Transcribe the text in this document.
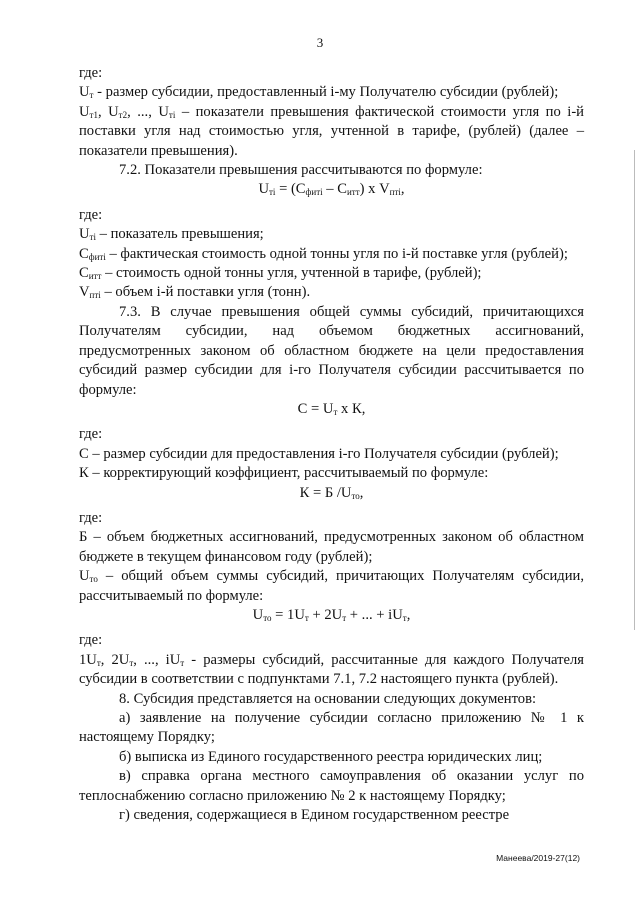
3

где:

$U_т$ - размер субсидии, предоставленный i-му Получателю субсидии (рублей);

$U_{т1}$, $U_{т2}$, ..., $U_{ті}$ – показатели превышения фактической стоимости угля по i-й поставки угля над стоимостью угля, учтенной в тарифе, (рублей) (далее – показатели превышения).

7.2. Показатели превышения рассчитываются по формуле:

$U_{ті} = (С_{фиті} - С_{итт})$ х $V_{пті}$,

где:

$U_{ті}$ – показатель превышения;

$С_{фиті}$ – фактическая стоимость одной тонны угля по i-й поставке угля (рублей);

$С_{итт}$ – стоимость одной тонны угля, учтенной в тарифе, (рублей);

$V_{пті}$ – объем i-й поставки угля (тонн).

7.3. В случае превышения общей суммы субсидий, причитающихся Получателям субсидии, над объемом бюджетных ассигнований, предусмотренных законом об областном бюджете на цели предоставления субсидий размер субсидии для i-го Получателя субсидии рассчитывается по формуле:

$С = U_т$ х К,

где:

С – размер субсидии для предоставления i-го Получателя субсидии (рублей);

К – корректирующий коэффициент, рассчитываемый по формуле:

К = Б $/U_{то}$,

где:

Б – объем бюджетных ассигнований, предусмотренных законом об областном бюджете в текущем финансовом году (рублей);

$U_{то}$ – общий объем суммы субсидий, причитающих Получателям субсидии, рассчитываемый по формуле:

$U_{то} = 1U_т + 2U_т$ + ... + $iU_т$,

где:

$1U_т$, $2U_т$, ..., $iU_т$ - размеры субсидий, рассчитанные для каждого Получателя субсидии в соответствии с подпунктами 7.1, 7.2 настоящего пункта (рублей).

8. Субсидия представляется на основании следующих документов:

а) заявление на получение субсидии согласно приложению № 1 к настоящему Порядку;

б) выписка из Единого государственного реестра юридических лиц;

в) справка органа местного самоуправления об оказании услуг по теплоснабжению согласно приложению № 2 к настоящему Порядку;

г) сведения, содержащиеся в Едином государственном реестре

Манеева/2019-27(12)
